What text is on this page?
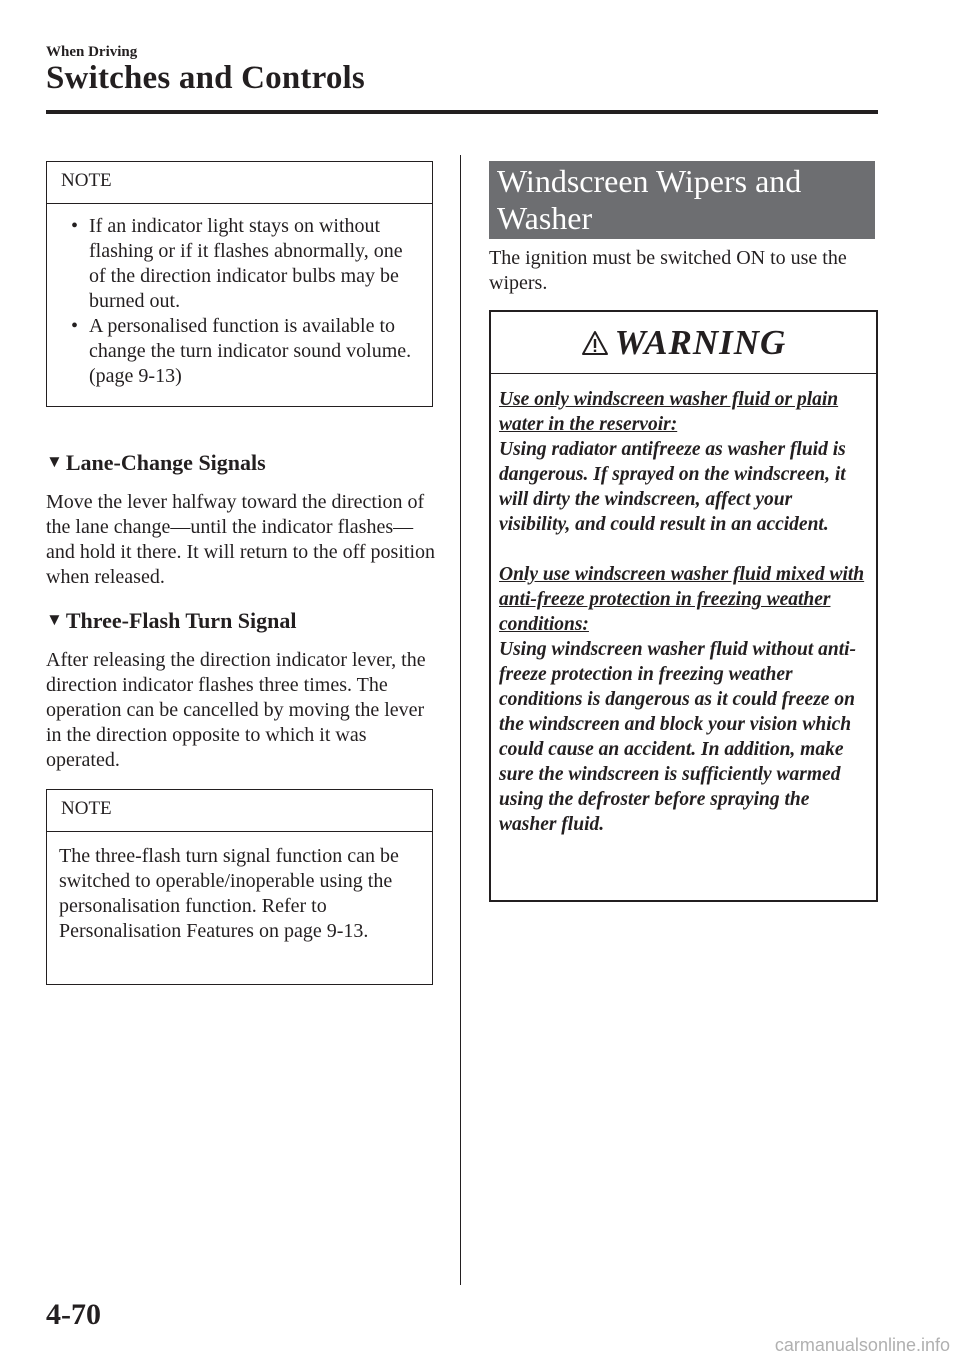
When Driving
Switches and Controls
NOTE

• If an indicator light stays on without flashing or if it flashes abnormally, one of the direction indicator bulbs may be burned out.

• A personalised function is available to change the turn indicator sound volume. (page 9-13)

▼ Lane-Change Signals

Move the lever halfway toward the direction of the lane change—until the indicator flashes— and hold it there. It will return to the off position when released.

▼ Three-Flash Turn Signal

After releasing the direction indicator lever, the direction indicator flashes three times. The operation can be cancelled by moving the lever in the direction opposite to which it was operated.

NOTE
The three-flash turn signal function can be switched to operable/inoperable using the personalisation function. Refer to Personalisation Features on page 9-13.
Windscreen Wipers and Washer

The ignition must be switched ON to use the wipers.

WARNING

Use only windscreen washer fluid or plain water in the reservoir:

Using radiator antifreeze as washer fluid is dangerous. If sprayed on the windscreen, it will dirty the windscreen, affect your visibility, and could result in an accident.

Only use windscreen washer fluid mixed with anti-freeze protection in freezing weather conditions:

Using windscreen washer fluid without anti-freeze protection in freezing weather conditions is dangerous as it could freeze on the windscreen and block your vision which could cause an accident. In addition, make sure the windscreen is sufficiently warmed using the defroster before spraying the washer fluid.

4-70
carmanualsonline.info
